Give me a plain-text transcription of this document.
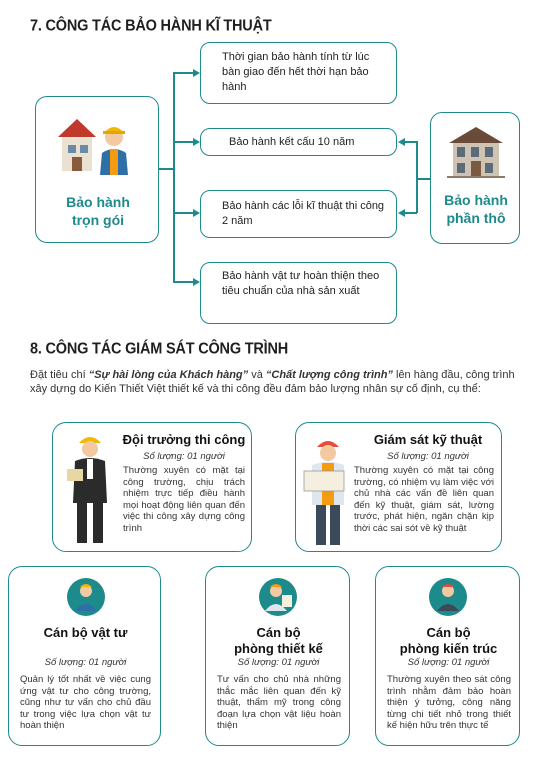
7. CÔNG TÁC BẢO HÀNH KĨ THUẬT
Bảo hành
trọn gói
Bảo hành
phần thô
Thời gian bảo hành tính từ lúc bàn giao đến hết thời hạn bảo hành
Bảo hành kết cấu 10 năm
Bảo hành các lỗi kĩ thuật thi công 2 năm
Bảo hành vật tư hoàn thiện theo tiêu chuẩn của nhà sản xuất
8. CÔNG TÁC GIÁM SÁT CÔNG TRÌNH
Đặt tiêu chí “Sự hài lòng của Khách hàng” và “Chất lượng công trình” lên hàng đầu, công trình xây dựng do Kiến Thiết Việt thiết kế và thi công đều đảm bảo lượng nhân sự cố định, cụ thể:
Đội trưởng thi công
Số lượng: 01 người
Thường xuyên có mặt tại công trường, chịu trách nhiệm trực tiếp điều hành mọi hoạt động liên quan đến việc thi công xây dựng công trình
Giám sát kỹ thuật
Số lượng: 01 người
Thường xuyên có mặt tại công trường, có nhiệm vụ làm việc với chủ nhà các vấn đề liên quan đến kỹ thuật, giám sát, lường trước, phát hiện, ngăn chặn kịp thời các sai sót về kỹ thuật
Cán bộ vật tư
Số lượng: 01 người
Quản lý tốt nhất về việc cung ứng vật tư cho công trường, cũng như tư vấn cho chủ đầu tư trong việc lựa chọn vật tư hoàn thiện
Cán bộ
phòng thiết kế
Số lượng: 01 người
Tư vấn cho chủ nhà những thắc mắc liên quan đến kỹ thuật, thẩm mỹ trong công đoạn lựa chọn vật liệu hoàn thiện
Cán bộ
phòng kiến trúc
Số lượng: 01 người
Thường xuyên theo sát công trình nhằm đảm bảo hoàn thiện ý tưởng, công năng từng chi tiết nhỏ trong thiết kế hiện hữu trên thực tế
